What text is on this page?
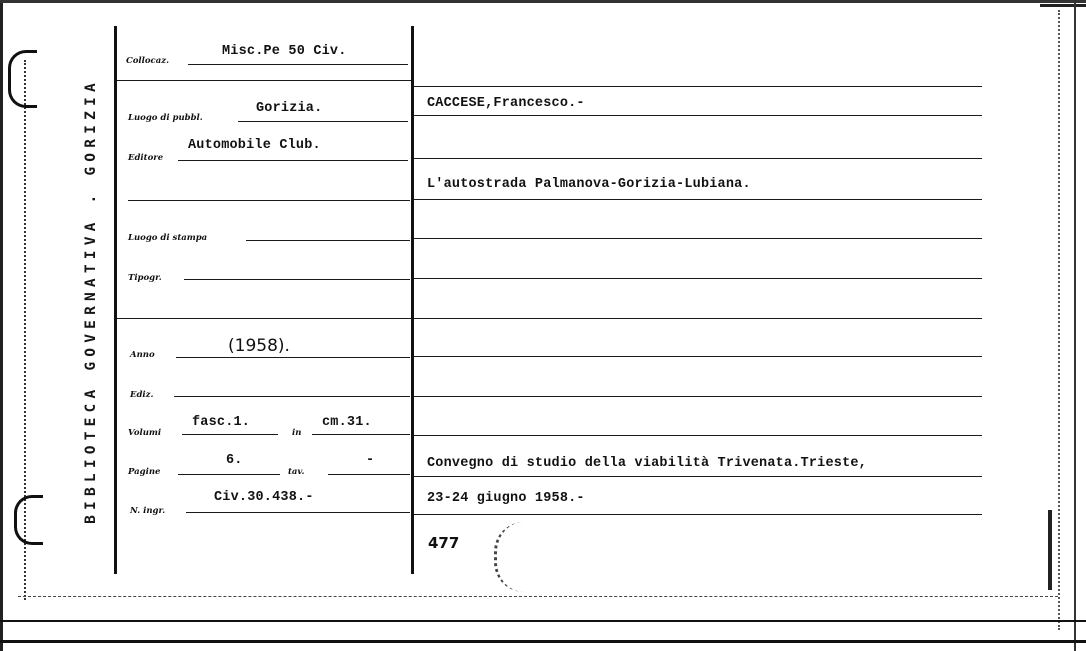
BIBLIOTECA GOVERNATIVA . GORIZIA
Collocaz.
Misc.Pe 50 Civ.
Luogo di pubbl.
Gorizia.
Editore
Automobile Club.
Luogo di stampa
Tipogr.
Anno	(1958).
Ediz.
Volumi
fasc.1.
in
cm.31.
Pagine
6.
tav.
-
N. ingr.
Civ.30.438.-
CACCESE,Francesco.-
L'autostrada Palmanova-Gorizia-Lubiana.
Convegno di studio della viabilità Trivenata.Trieste,
23-24 giugno 1958.-
477
